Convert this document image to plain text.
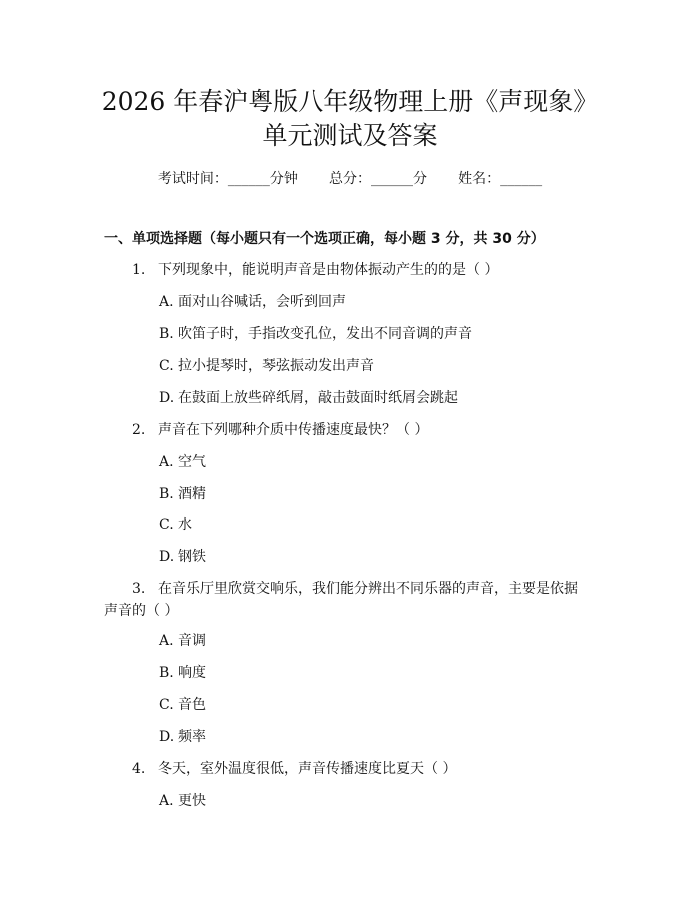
2026 年春沪粤版八年级物理上册《声现象》
单元测试及答案
考试时间：______分钟 总分：______分 姓名：______
一、单项选择题（每小题只有一个选项正确，每小题 3 分，共 30 分）
1. 下列现象中，能说明声音是由物体振动产生的的是（ ）
A. 面对山谷喊话，会听到回声
B. 吹笛子时，手指改变孔位，发出不同音调的声音
C. 拉小提琴时，琴弦振动发出声音
D. 在鼓面上放些碎纸屑，敲击鼓面时纸屑会跳起
2. 声音在下列哪种介质中传播速度最快？（ ）
A. 空气
B. 酒精
C. 水
D. 钢铁
3. 在音乐厅里欣赏交响乐，我们能分辨出不同乐器的声音，主要是依据声音的（ ）
A. 音调
B. 响度
C. 音色
D. 频率
4. 冬天，室外温度很低，声音传播速度比夏天（ ）
A. 更快
